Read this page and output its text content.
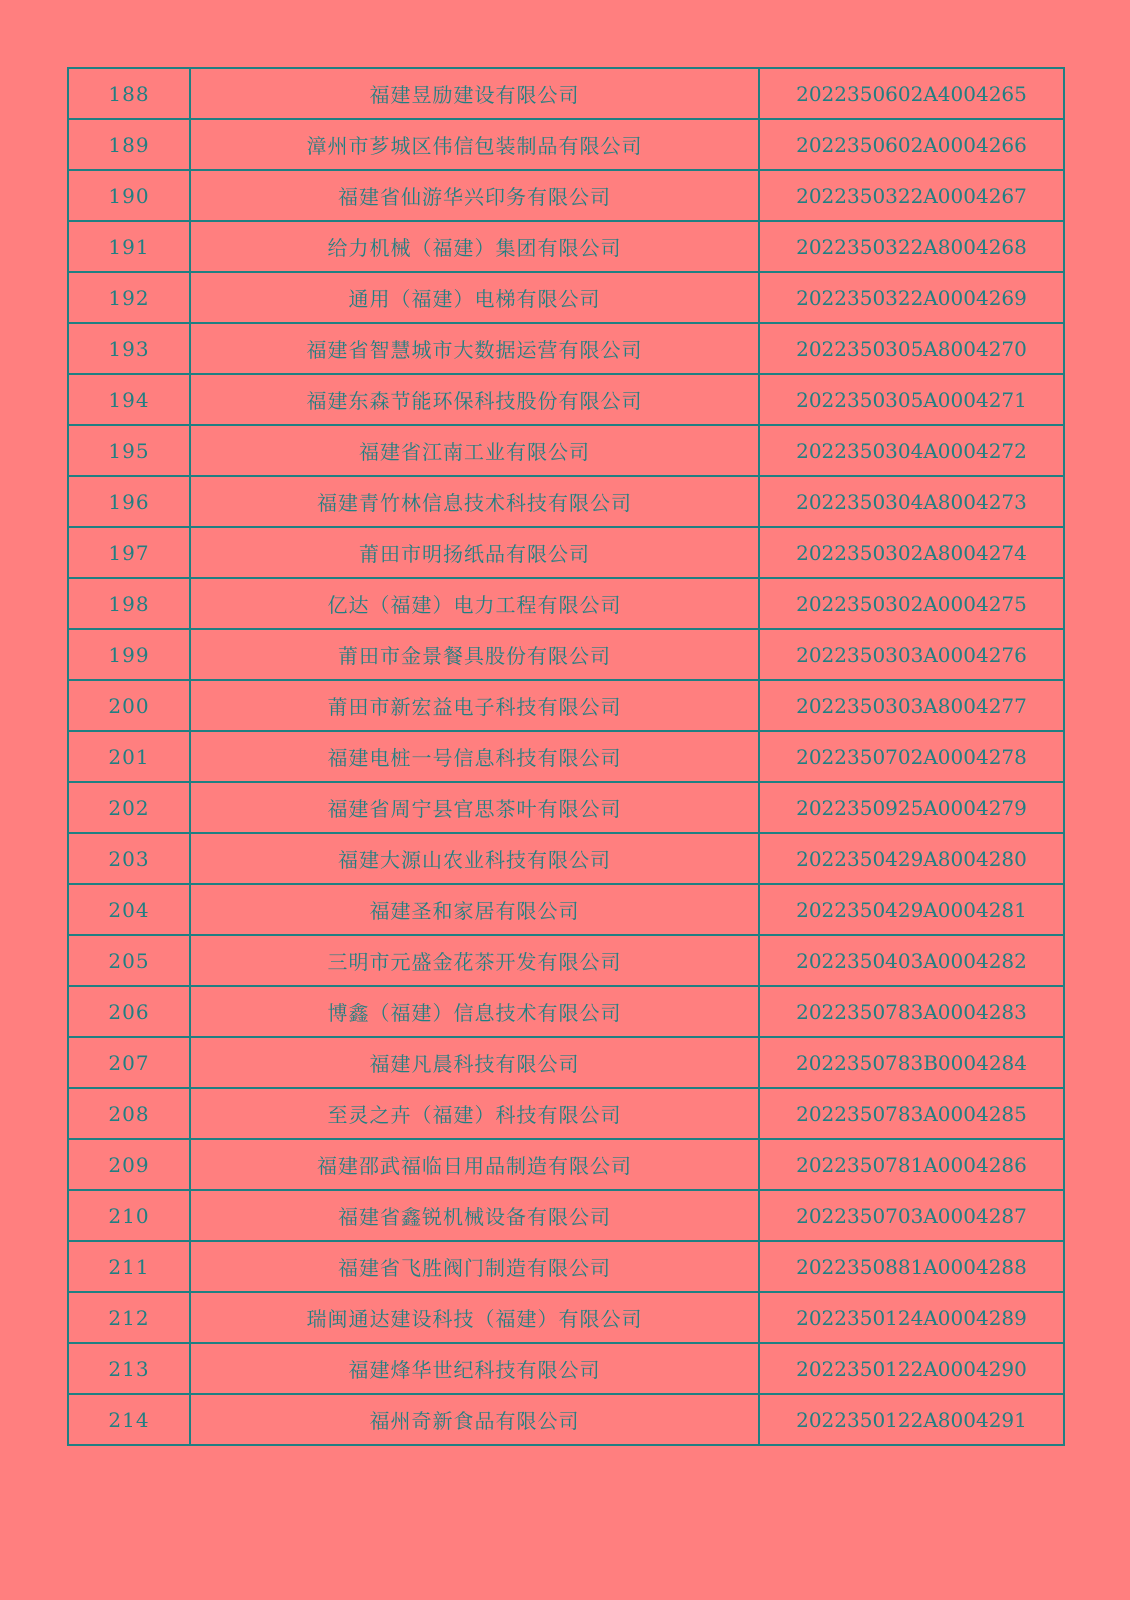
188	福建昱励建设有限公司	2022350602A4004265
189	漳州市芗城区伟信包装制品有限公司	2022350602A0004266
190	福建省仙游华兴印务有限公司	2022350322A0004267
191	给力机械（福建）集团有限公司	2022350322A8004268
192	通用（福建）电梯有限公司	2022350322A0004269
193	福建省智慧城市大数据运营有限公司	2022350305A8004270
194	福建东森节能环保科技股份有限公司	2022350305A0004271
195	福建省江南工业有限公司	2022350304A0004272
196	福建青竹林信息技术科技有限公司	2022350304A8004273
197	莆田市明扬纸品有限公司	2022350302A8004274
198	亿达（福建）电力工程有限公司	2022350302A0004275
199	莆田市金景餐具股份有限公司	2022350303A0004276
200	莆田市新宏益电子科技有限公司	2022350303A8004277
201	福建电桩一号信息科技有限公司	2022350702A0004278
202	福建省周宁县官思茶叶有限公司	2022350925A0004279
203	福建大源山农业科技有限公司	2022350429A8004280
204	福建圣和家居有限公司	2022350429A0004281
205	三明市元盛金花茶开发有限公司	2022350403A0004282
206	博鑫（福建）信息技术有限公司	2022350783A0004283
207	福建凡晨科技有限公司	2022350783B0004284
208	至灵之卉（福建）科技有限公司	2022350783A0004285
209	福建邵武福临日用品制造有限公司	2022350781A0004286
210	福建省鑫锐机械设备有限公司	2022350703A0004287
211	福建省飞胜阀门制造有限公司	2022350881A0004288
212	瑞闽通达建设科技（福建）有限公司	2022350124A0004289
213	福建烽华世纪科技有限公司	2022350122A0004290
214	福州奇新食品有限公司	2022350122A8004291
